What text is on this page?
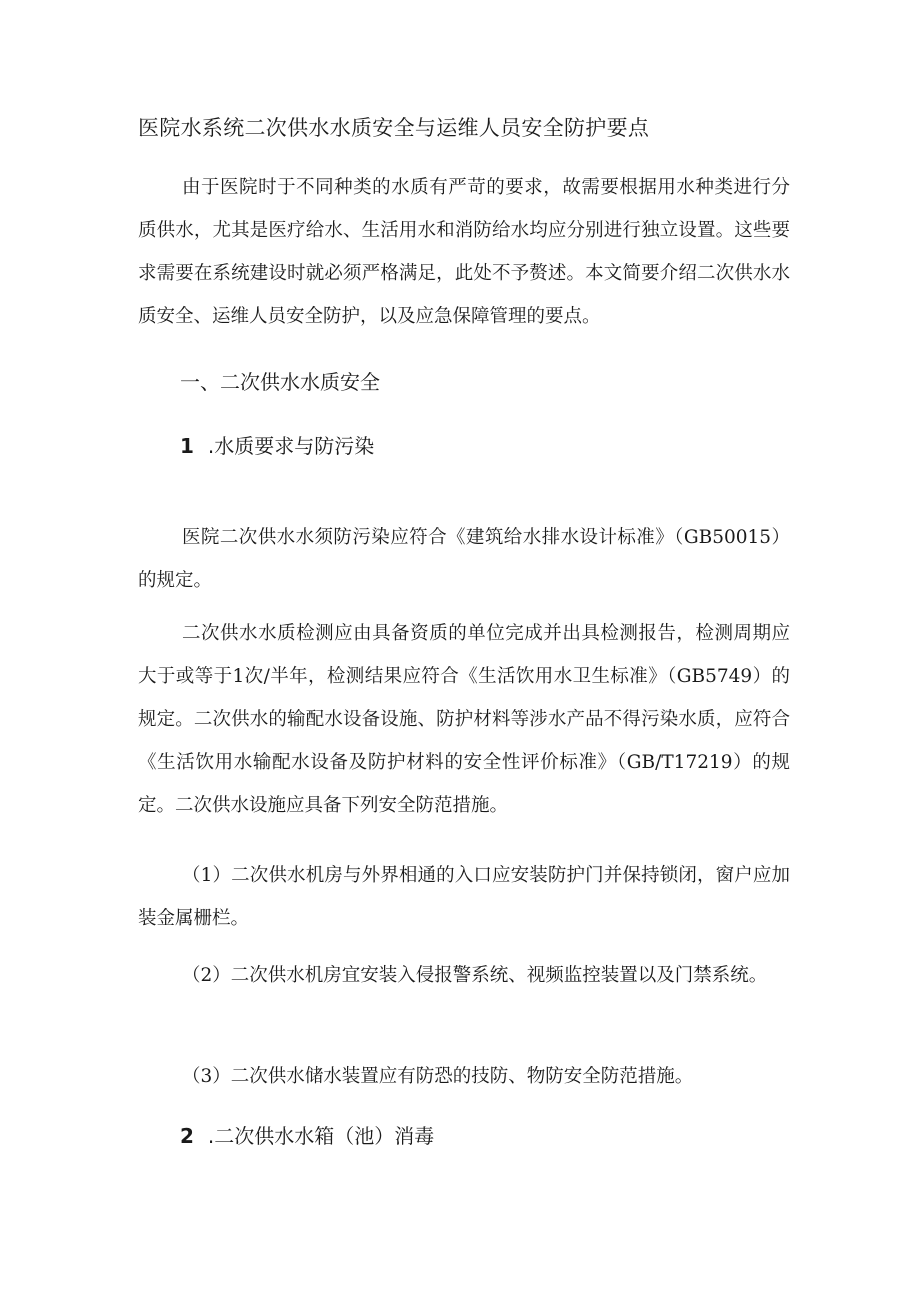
医院水系统二次供水水质安全与运维人员安全防护要点
由于医院时于不同种类的水质有严苛的要求，故需要根据用水种类进行分质供水，尤其是医疗给水、生活用水和消防给水均应分别进行独立设置。这些要求需要在系统建设时就必须严格满足，此处不予赘述。本文简要介绍二次供水水质安全、运维人员安全防护，以及应急保障管理的要点。
一、二次供水水质安全
1 .水质要求与防污染
医院二次供水水须防污染应符合《建筑给水排水设计标准》（GB50015）的规定。
二次供水水质检测应由具备资质的单位完成并出具检测报告，检测周期应大于或等于1次/半年，检测结果应符合《生活饮用水卫生标准》（GB5749）的规定。二次供水的输配水设备设施、防护材料等涉水产品不得污染水质，应符合《生活饮用水输配水设备及防护材料的安全性评价标准》（GB/T17219）的规定。二次供水设施应具备下列安全防范措施。
（1）二次供水机房与外界相通的入口应安装防护门并保持锁闭，窗户应加装金属栅栏。
（2）二次供水机房宜安装入侵报警系统、视频监控装置以及门禁系统。
（3）二次供水储水装置应有防恐的技防、物防安全防范措施。
2 .二次供水水箱（池）消毒
